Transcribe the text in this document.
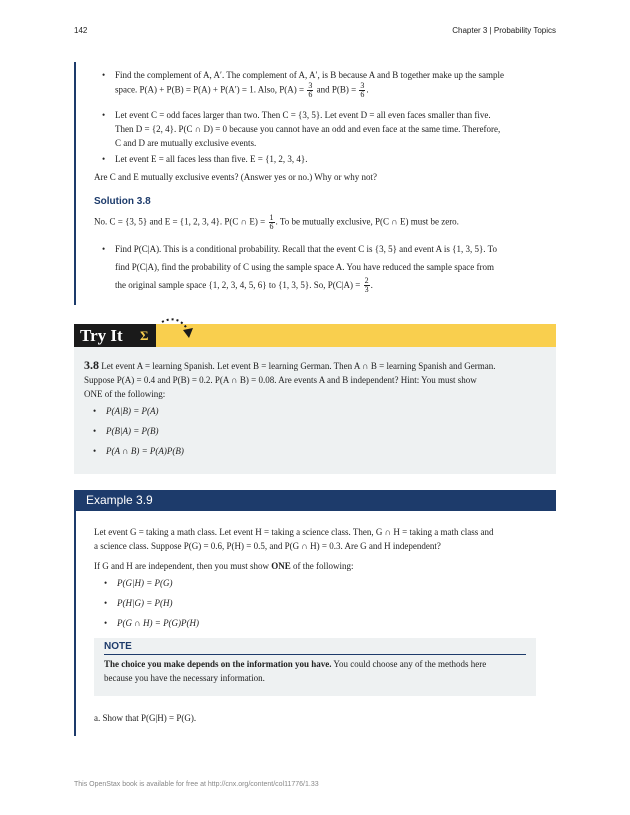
142	Chapter 3 | Probability Topics
• Find the complement of A, A′. The complement of A, A′, is B because A and B together make up the sample
space. P(A) + P(B) = P(A) + P(A′) = 1. Also, $P(A) = \frac{3}{6}$ and $P(B) = \frac{3}{6}$ .
• Let event C = odd faces larger than two. Then C = {3, 5}. Let event D = all even faces smaller than five.
Then D = {2, 4}. P(C ∩ D) = 0 because you cannot have an odd and even face at the same time. Therefore,
C and D are mutually exclusive events.
• Let event E = all faces less than five. E = {1, 2, 3, 4}.
Are C and E mutually exclusive events? (Answer yes or no.) Why or why not?
Solution 3.8
No. C = {3, 5} and E = {1, 2, 3, 4}. P(C ∩ $E) = \frac{1}{6}$ . To be mutually exclusive, P(C ∩ E) must be zero.
• Find P(C|A). This is a conditional probability. Recall that the event C is {3, 5} and event A is {1, 3, 5}. To
find P(C|A), find the probability of C using the sample space A. You have reduced the sample space from
the original sample space {1, 2, 3, 4, 5, 6} to {1, 3, 5}. So, $P(C|A) = \frac{2}{3}$ .
Try It	Σ
3.8 Let event A = learning Spanish. Let event B = learning German. Then A ∩ B = learning Spanish and German.
Suppose P(A) = 0.4 and P(B) = 0.2. P(A ∩ B) = 0.08. Are events A and B independent? Hint: You must show
ONE of the following:
• P(A|B) = P(A)
• P(B|A) = P(B)
• P(A ∩ B) = P(A)P(B)
Example 3.9
Let event G = taking a math class. Let event H = taking a science class. Then, G ∩ H = taking a math class and
a science class. Suppose P(G) = 0.6, P(H) = 0.5, and P(G ∩ H) = 0.3. Are G and H independent?
If G and H are independent, then you must show ONE of the following:
• P(G|H) = P(G)
• P(H|G) = P(H)
• P(G ∩ H) = P(G)P(H)
NOTE
The choice you make depends on the information you have. You could choose any of the methods here
because you have the necessary information.
a. Show that P(G|H) = P(G).
This OpenStax book is available for free at http://cnx.org/content/col11776/1.33
